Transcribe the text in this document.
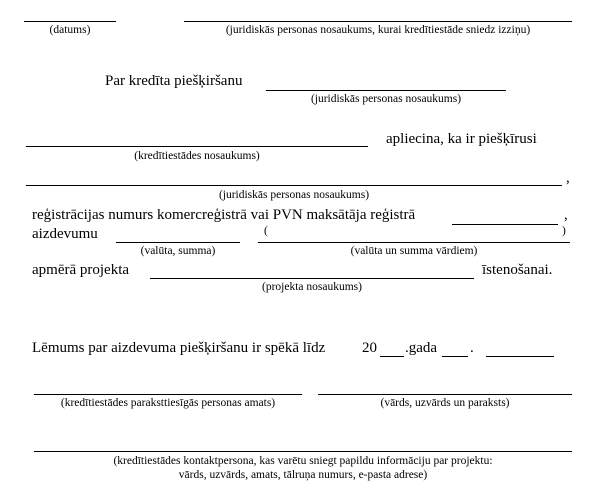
(datums)	(juridiskās personas nosaukums, kurai kredītiestāde sniedz izziņu)
Par kredīta piešķiršanu
(juridiskās personas nosaukums)
(kredītiestādes nosaukums)
apliecina, ka ir piešķīrusi
,
(juridiskās personas nosaukums)
reģistrācijas numurs komercreģistrā vai PVN maksātāja reģistrā	,
aizdevumu
(valūta, summa)
(	)
(valūta un summa vārdiem)
apmērā projekta	īstenošanai.
(projekta nosaukums)
Lēmums par aizdevuma piešķiršanu ir spēkā līdz 20 .gada .
(kredītiestādes paraksttiesīgās personas amats)	(vārds, uzvārds un paraksts)
(kredītiestādes kontaktpersona, kas varētu sniegt papildu informāciju par projektu:
vārds, uzvārds, amats, tālruņa numurs, e-pasta adrese)
